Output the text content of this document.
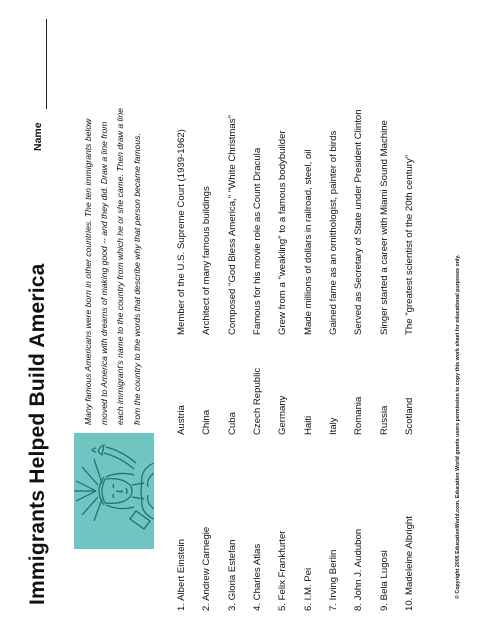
Immigrants Helped Build America
Name	Many famous Americans were born in other countries. The ten immigrants below moved to America with dreams of making good -- and they did. Draw a line from each immigrant's name to the country from which he or she came. Then draw a line from the country to the words that describe why that person became famous.
1. Albert Einstein 2. Andrew Carnegie 3. Gloria Estefan 4. Charles Atlas 5. Felix Frankfurter 6. I.M. Pei 7. Irving Berlin 8. John J. Audubon 9. Bela Lugosi 10. Madeleine Albright
Austria China Cuba Czech Republic Germany Haiti Italy Romania Russia Scotland
Member of the U.S. Supreme Court (1939-1962) Architect of many famous buildings Composed "God Bless America," "White Christmas" Famous for his movie role as Count Dracula Grew from a "weakling" to a famous bodybuilder Made millions of dollars in railroad, steel, oil Gained fame as an ornithologist, painter of birds Served as Secretary of State under President Clinton Singer started a career with Miami Sound Machine The "greatest scientist of the 20th century"
© Copyright 2005 EducationWorld.com. Education World grants users permission to copy this work sheet for educational purposes only.
